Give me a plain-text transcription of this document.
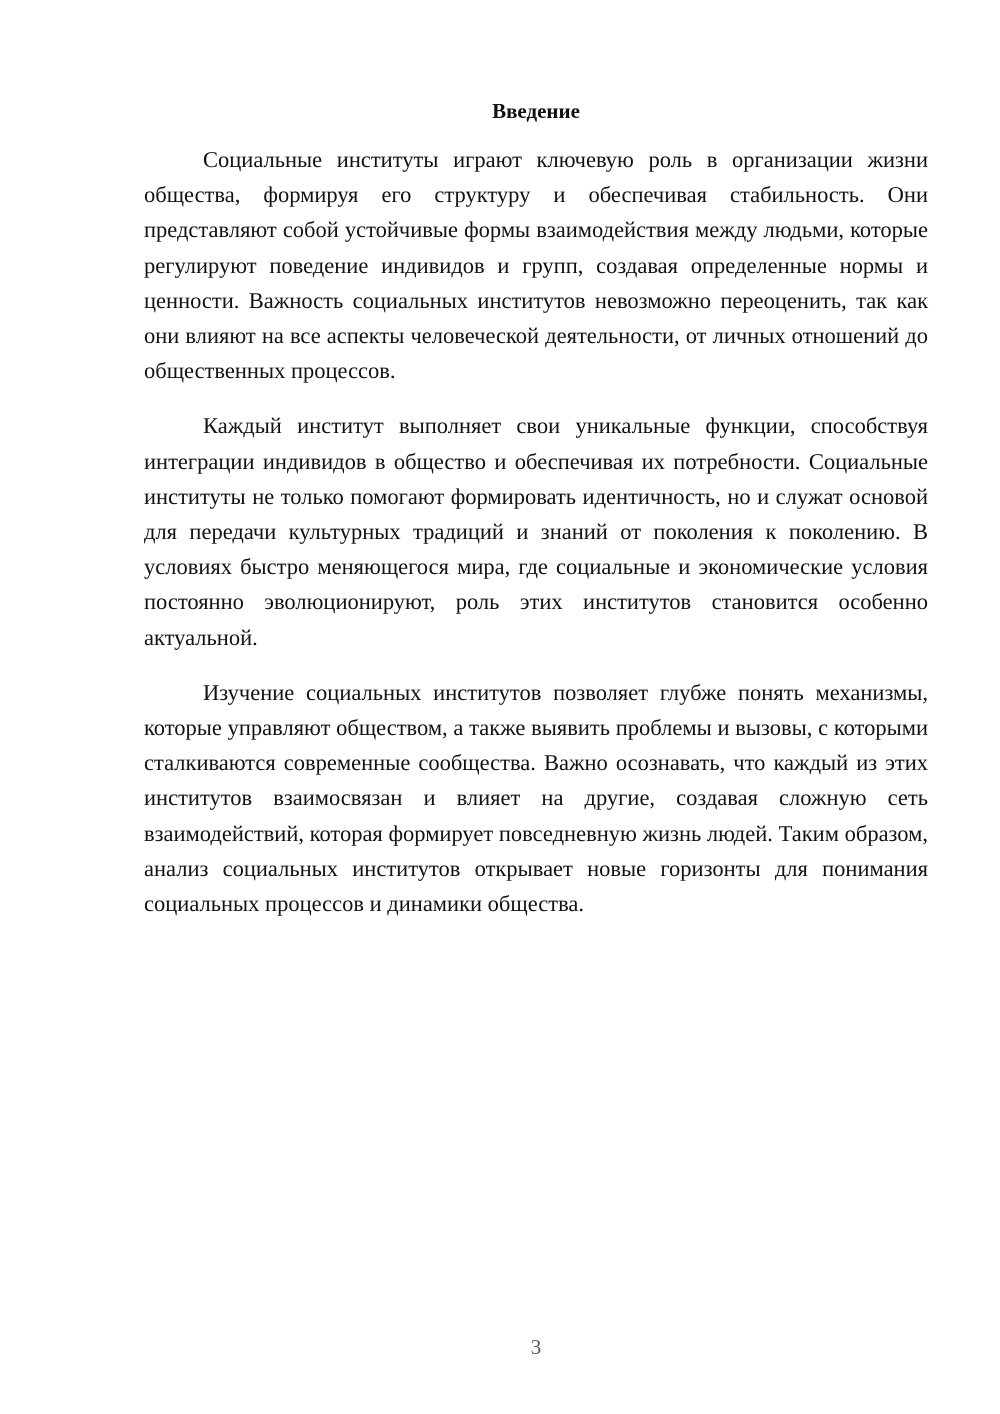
Введение

Социальные институты играют ключевую роль в организации жизни общества, формируя его структуру и обеспечивая стабильность. Они представляют собой устойчивые формы взаимодействия между людьми, которые регулируют поведение индивидов и групп, создавая определенные нормы и ценности. Важность социальных институтов невозможно переоценить, так как они влияют на все аспекты человеческой деятельности, от личных отношений до общественных процессов.

Каждый институт выполняет свои уникальные функции, способствуя интеграции индивидов в общество и обеспечивая их потребности. Социальные институты не только помогают формировать идентичность, но и служат основой для передачи культурных традиций и знаний от поколения к поколению. В условиях быстро меняющегося мира, где социальные и экономические условия постоянно эволюционируют, роль этих институтов становится особенно актуальной.

Изучение социальных институтов позволяет глубже понять механизмы, которые управляют обществом, а также выявить проблемы и вызовы, с которыми сталкиваются современные сообщества. Важно осознавать, что каждый из этих институтов взаимосвязан и влияет на другие, создавая сложную сеть взаимодействий, которая формирует повседневную жизнь людей. Таким образом, анализ социальных институтов открывает новые горизонты для понимания социальных процессов и динамики общества.

3
